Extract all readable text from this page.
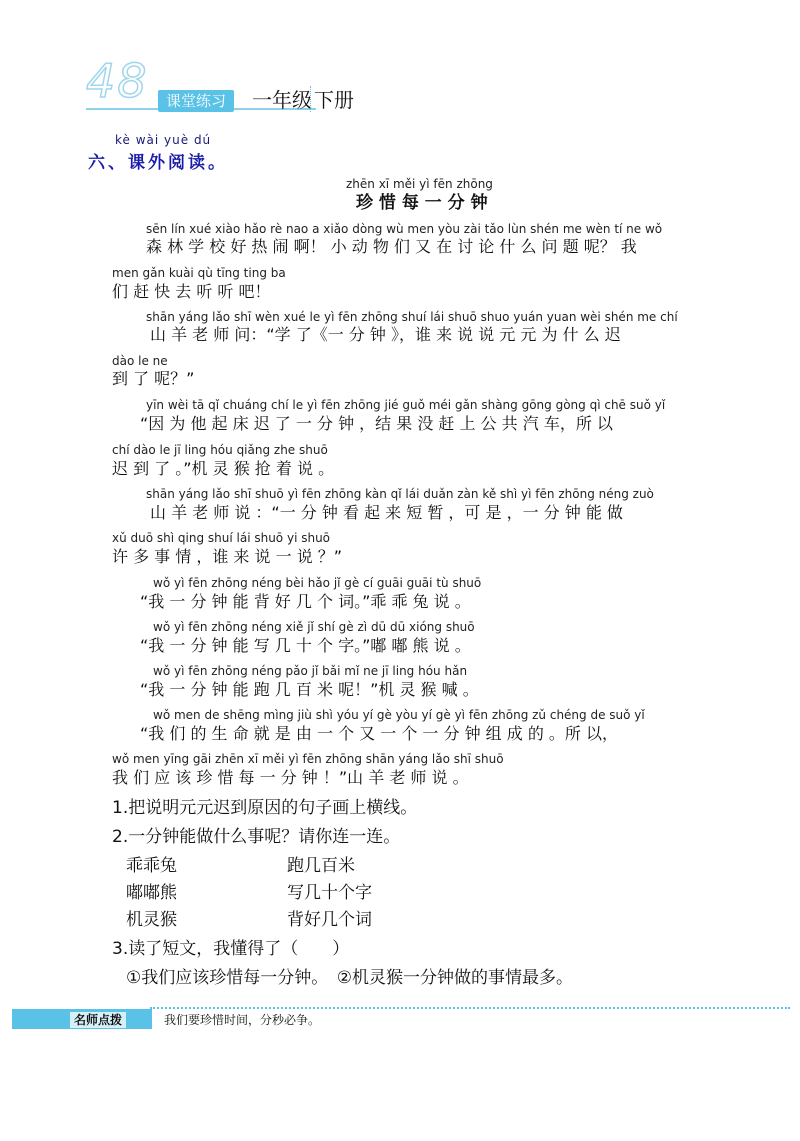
48	课堂练习	一年级 下册
kè wài yuè dú
六、课外阅读。
zhēn xī měi yì fēn zhōng
珍 惜 每 一 分 钟
sēn lín xué xiào hǎo rè nao a xiǎo dòng wù men yòu zài tǎo lùn shén me wèn tí ne wǒ
森 林 学 校 好 热 闹 啊！ 小 动 物 们 又 在 讨 论 什 么 问 题 呢？ 我
men gǎn kuài qù tīng ting ba
们 赶 快 去 听 听 吧！
shān yáng lǎo shī wèn xué le yì fēn zhōng shuí lái shuō shuo yuán yuan wèi shén me chí
山 羊 老 师 问：“学 了《一 分 钟 》，谁 来 说 说 元 元 为 什 么 迟
dào le ne
到 了 呢？”
yīn wèi tā qǐ chuáng chí le yì fēn zhōng jié guǒ méi gǎn shàng gōng gòng qì chē suǒ yǐ
“因 为 他 起 床 迟 了 一 分 钟 ，结 果 没 赶 上 公 共 汽 车，所 以
chí dào le jī ling hóu qiǎng zhe shuō
迟 到 了 。”机 灵 猴 抢 着 说 。
shān yáng lǎo shī shuō yì fēn zhōng kàn qǐ lái duǎn zàn kě shì yì fēn zhōng néng zuò
山 羊 老 师 说 ：“一 分 钟 看 起 来 短 暂 ，可 是 ，一 分 钟 能 做
xǔ duō shì qing shuí lái shuō yi shuō
许 多 事 情 ，谁 来 说 一 说 ？”
wǒ yì fēn zhōng néng bèi hǎo jǐ gè cí guāi guāi tù shuō
“我 一 分 钟 能 背 好 几 个 词。”乖 乖 兔 说 。
wǒ yì fēn zhōng néng xiě jǐ shí gè zì dū dū xióng shuō
“我 一 分 钟 能 写 几 十 个 字。”嘟 嘟 熊 说 。
wǒ yì fēn zhōng néng pǎo jǐ bǎi mǐ ne jī ling hóu hǎn
“我 一 分 钟 能 跑 几 百 米 呢！”机 灵 猴 喊 。
wǒ men de shēng mìng jiù shì yóu yí gè yòu yí gè yì fēn zhōng zǔ chéng de suǒ yǐ
“我 们 的 生 命 就 是 由 一 个 又 一 个 一 分 钟 组 成 的 。所 以，
wǒ men yīng gāi zhēn xī měi yì fēn zhōng shān yáng lǎo shī shuō
我 们 应 该 珍 惜 每 一 分 钟 ！”山 羊 老 师 说 。
1.把说明元元迟到原因的句子画上横线。
2.一分钟能做什么事呢？请你连一连。
乖乖兔	跑几百米
嘟嘟熊	写几十个字
机灵猴	背好几个词
3.读了短文，我懂得了（　　）
①我们应该珍惜每一分钟。　②机灵猴一分钟做的事情最多。
名师点拨	我们要珍惜时间，分秒必争。
